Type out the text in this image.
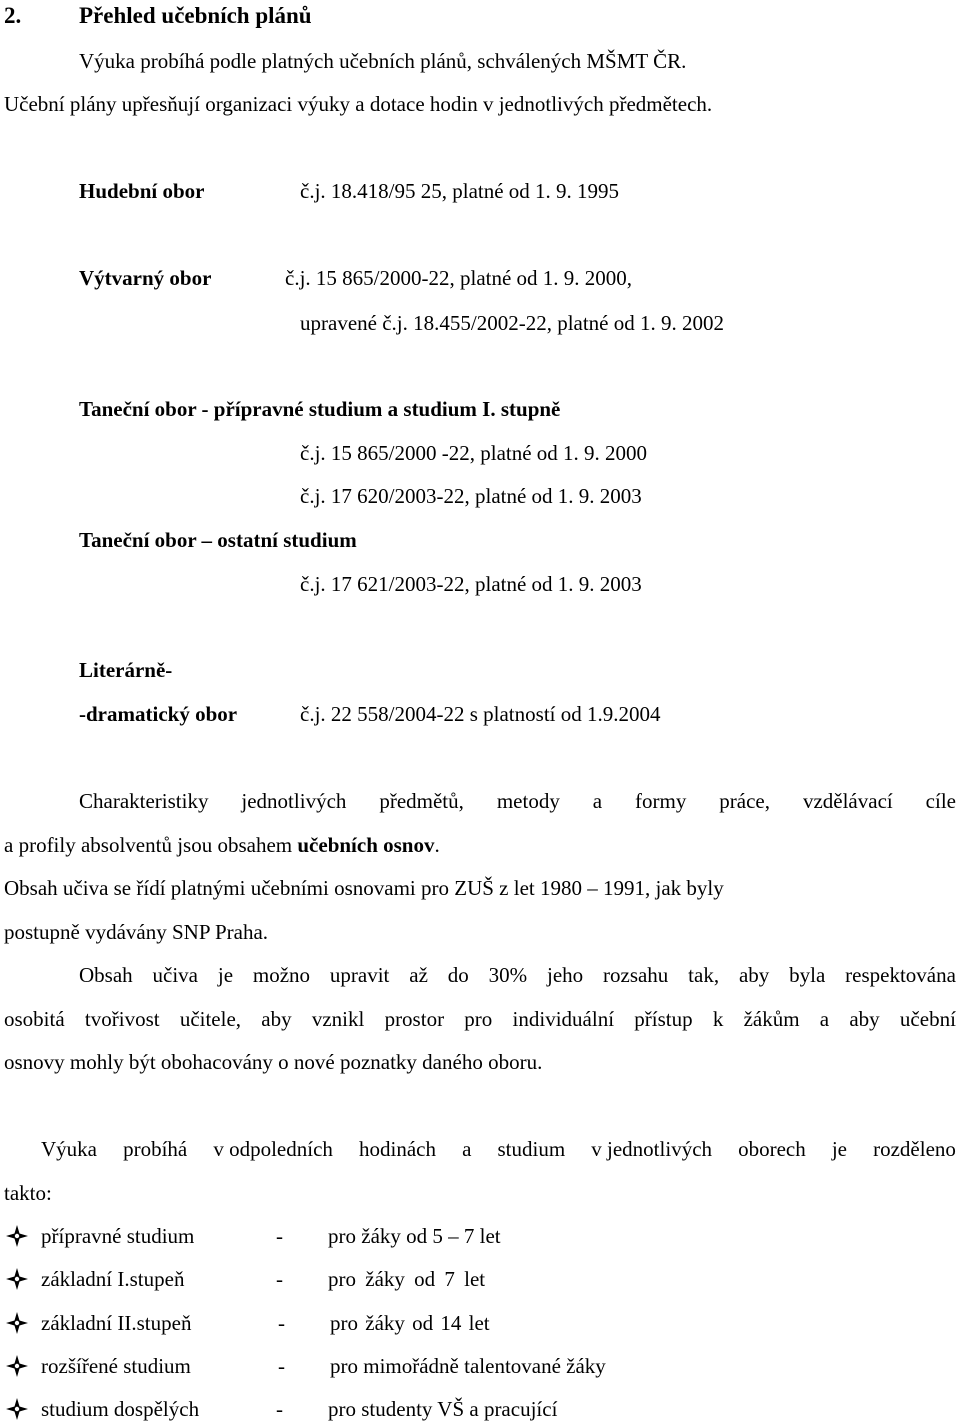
2.	Přehled učebních plánů
Výuka probíhá podle platných učebních plánů, schválených MŠMT ČR.
Učební plány upřesňují organizaci výuky a dotace hodin v jednotlivých předmětech.
Hudební obor	č.j. 18.418/95 25, platné od 1. 9. 1995
Výtvarný obor	č.j. 15 865/2000-22, platné od 1. 9. 2000,
upravené č.j. 18.455/2002-22, platné od 1. 9. 2002
Taneční obor - přípravné studium a studium I. stupně
č.j. 15 865/2000 -22, platné od 1. 9. 2000
č.j. 17 620/2003-22, platné od 1. 9. 2003
Taneční obor – ostatní studium
č.j. 17 621/2003-22, platné od 1. 9. 2003
Literárně-
-dramatický obor	č.j. 22 558/2004-22 s platností od 1.9.2004
Charakteristiky jednotlivých předmětů, metody a formy práce, vzdělávací cíle
a profily absolventů jsou obsahem učebních osnov.
Obsah učiva se řídí platnými učebními osnovami pro ZUŠ z let 1980 – 1991, jak byly
postupně vydávány SNP Praha.
Obsah učiva je možno upravit až do 30% jeho rozsahu tak, aby byla respektována
osobitá tvořivost učitele, aby vznikl prostor pro individuální přístup k žákům a aby učební
osnovy mohly být obohacovány o nové poznatky daného oboru.
Výuka probíhá v odpoledních hodinách a studium v jednotlivých oborech je rozděleno
takto:
přípravné studium	- pro žáky od 5 – 7 let
základní I.stupeň	- pro žáky od 7 let
základní II.stupeň	- pro žáky od 14 let
rozšířené studium	- pro mimořádně talentované žáky
studium dospělých	- pro studenty VŠ a pracující
